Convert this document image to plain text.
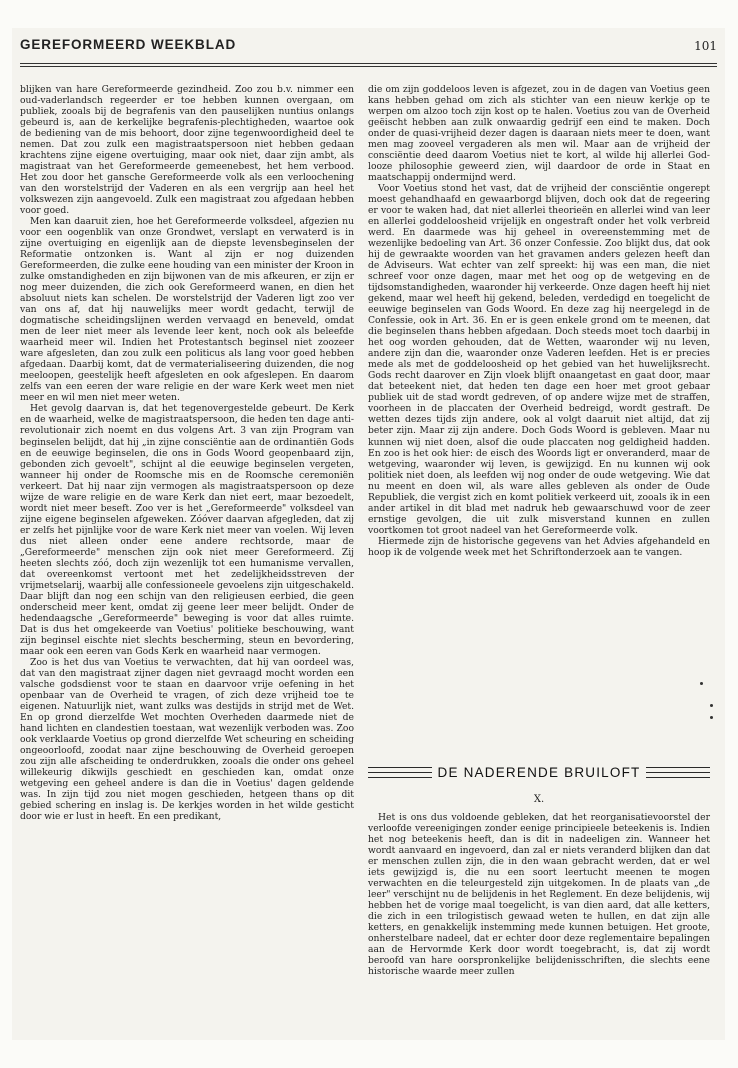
GEREFORMEERD WEEKBLAD	101

blijken van hare Gereformeerde gezindheid. Zoo zou b.v. nimmer een oud-vaderlandsch regeerder er toe hebben kunnen overgaan, om publiek, zooals bij de begrafenis van den pauselijken nuntius onlangs gebeurd is, aan de kerkelijke begrafenis-plechtigheden, waartoe ook de bediening van de mis behoort, door zijne tegenwoordigheid deel te nemen. Dat zou zulk een magistraatspersoon niet hebben gedaan krachtens zijne eigene overtuiging, maar ook niet, daar zijn ambt, als magistraat van het Gereformeerde gemeenebest, het hem verbood. Het zou door het gansche Gereformeerde volk als een verloochening van den worstelstrijd der Vaderen en als een vergrijp aan heel het volkswezen zijn aangevoeld. Zulk een magistraat zou afgedaan hebben voor goed.

Men kan daaruit zien, hoe het Gereformeerde volksdeel, afgezien nu voor een oogenblik van onze Grondwet, verslapt en verwaterd is in zijne overtuiging en eigenlijk aan de diepste levensbeginselen der Reformatie ontzonken is. Want al zijn er nog duizenden Gereformeerden, die zulke eene houding van een minister der Kroon in zulke omstandigheden en zijn bijwonen van de mis afkeuren, er zijn er nog meer duizenden, die zich ook Gereformeerd wanen, en dien het absoluut niets kan schelen. De worstelstrijd der Vaderen ligt zoo ver van ons af, dat hij nauwelijks meer wordt gedacht, terwijl de dogmatische scheidingslijnen werden vervaagd en beneveld, omdat men de leer niet meer als levende leer kent, noch ook als beleefde waarheid meer wil. Indien het Protestantsch beginsel niet zoozeer ware afgesleten, dan zou zulk een politicus als lang voor goed hebben afgedaan. Daarbij komt, dat de vermaterialiseering duizenden, die nog meeloopen, geestelijk heeft afgesleten en ook afgeslepen. En daarom zelfs van een eeren der ware religie en der ware Kerk weet men niet meer en wil men niet meer weten.

Het gevolg daarvan is, dat het tegenovergestelde gebeurt. De Kerk en de waarheid, welke de magistraatspersoon, die heden ten dage anti-revolutionair zich noemt en dus volgens Art. 3 van zijn Program van beginselen belijdt, dat hij „in zijne consciëntie aan de ordinantiën Gods en de eeuwige beginselen, die ons in Gods Woord geopenbaard zijn, gebonden zich gevoelt", schijnt al die eeuwige beginselen vergeten, wanneer hij onder de Roomsche mis en de Roomsche ceremoniën verkeert. Dat hij naar zijn vermogen als magistraatspersoon op deze wijze de ware religie en de ware Kerk dan niet eert, maar bezoedelt, wordt niet meer beseft. Zoo ver is het „Gereformeerde" volksdeel van zijne eigene beginselen afgeweken. Zóóver daarvan afgegleden, dat zij er zelfs het pijnlijke voor de ware Kerk niet meer van voelen. Wij leven dus niet alleen onder eene andere rechtsorde, maar de „Gereformeerde" menschen zijn ook niet meer Gereformeerd. Zij heeten slechts zóó, doch zijn wezenlijk tot een humanisme vervallen, dat overeenkomst vertoont met het zedelijkheidsstreven der vrijmetselarij, waarbij alle confessioneele gevoelens zijn uitgeschakeld. Daar blijft dan nog een schijn van den religieusen eerbied, die geen onderscheid meer kent, omdat zij geene leer meer belijdt. Onder de hedendaagsche „Gereformeerde" beweging is voor dat alles ruimte. Dat is dus het omgekeerde van Voetius' politieke beschouwing, want zijn beginsel eischte niet slechts bescherming, steun en bevordering, maar ook een eeren van Gods Kerk en waarheid naar vermogen.

Zoo is het dus van Voetius te verwachten, dat hij van oordeel was, dat van den magistraat zijner dagen niet gevraagd mocht worden een valsche godsdienst voor te staan en daarvoor vrije oefening in het openbaar van de Overheid te vragen, of zich deze vrijheid toe te eigenen. Natuurlijk niet, want zulks was destijds in strijd met de Wet. En op grond dierzelfde Wet mochten Overheden daarmede niet de hand lichten en clandestien toestaan, wat wezenlijk verboden was. Zoo ook verklaarde Voetius op grond dierzelfde Wet scheuring en scheiding ongeoorloofd, zoodat naar zijne beschouwing de Overheid geroepen zou zijn alle afscheiding te onderdrukken, zooals die onder ons geheel willekeurig dikwijls geschiedt en geschieden kan, omdat onze wetgeving een geheel andere is dan die in Voetius' dagen geldende was. In zijn tijd zou niet mogen geschieden, hetgeen thans op dit gebied schering en inslag is. De kerkjes worden in het wilde gesticht door wie er lust in heeft. En een predikant,

die om zijn goddeloos leven is afgezet, zou in de dagen van Voetius geen kans hebben gehad om zich als stichter van een nieuw kerkje op te werpen om alzoo toch zijn kost op te halen. Voetius zou van de Overheid geëischt hebben aan zulk onwaardig gedrijf een eind te maken. Doch onder de quasi-vrijheid dezer dagen is daaraan niets meer te doen, want men mag zooveel vergaderen als men wil. Maar aan de vrijheid der consciëntie deed daarom Voetius niet te kort, al wilde hij allerlei God-looze philosophie geweerd zien, wijl daardoor de orde in Staat en maatschappij ondermijnd werd.

Voor Voetius stond het vast, dat de vrijheid der consciëntie ongerept moest gehandhaafd en gewaarborgd blijven, doch ook dat de regeering er voor te waken had, dat niet allerlei theorieën en allerlei wind van leer en allerlei goddeloosheid vrijelijk en ongestraft onder het volk verbreid werd. En daarmede was hij geheel in overeenstemming met de wezenlijke bedoeling van Art. 36 onzer Confessie. Zoo blijkt dus, dat ook hij de gewraakte woorden van het gravamen anders gelezen heeft dan de Adviseurs. Wat echter van zelf spreekt: hij was een man, die niet schreef voor onze dagen, maar met het oog op de wetgeving en de tijdsomstandigheden, waaronder hij verkeerde. Onze dagen heeft hij niet gekend, maar wel heeft hij gekend, beleden, verdedigd en toegelicht de eeuwige beginselen van Gods Woord. En deze zag hij neergelegd in de Confessie, ook in Art. 36. En er is geen enkele grond om te meenen, dat die beginselen thans hebben afgedaan. Doch steeds moet toch daarbij in het oog worden gehouden, dat de Wetten, waaronder wij nu leven, andere zijn dan die, waaronder onze Vaderen leefden. Het is er precies mede als met de goddeloosheid op het gebied van het huwelijksrecht. Gods recht daarover en Zijn vloek blijft onaangetast en gaat door, maar dat beteekent niet, dat heden ten dage een hoer met groot gebaar publiek uit de stad wordt gedreven, of op andere wijze met de straffen, voorheen in de placcaten der Overheid bedreigd, wordt gestraft. De wetten dezes tijds zijn andere, ook al volgt daaruit niet altijd, dat zij beter zijn. Maar zij zijn andere. Doch Gods Woord is gebleven. Maar nu kunnen wij niet doen, alsof die oude placcaten nog geldigheid hadden. En zoo is het ook hier: de eisch des Woords ligt er onveranderd, maar de wetgeving, waaronder wij leven, is gewijzigd. En nu kunnen wij ook politiek niet doen, als leefden wij nog onder de oude wetgeving. Wie dat nu meent en doen wil, als ware alles gebleven als onder de Oude Republiek, die vergist zich en komt politiek verkeerd uit, zooals ik in een ander artikel in dit blad met nadruk heb gewaarschuwd voor de zeer ernstige gevolgen, die uit zulk misverstand kunnen en zullen voortkomen tot groot nadeel van het Gereformeerde volk.

Hiermede zijn de historische gegevens van het Advies afgehandeld en hoop ik de volgende week met het Schriftonderzoek aan te vangen.

DE NADERENDE BRUILOFT
X.

Het is ons dus voldoende gebleken, dat het reorganisatievoorstel der verloofde vereenigingen zonder eenige principieele beteekenis is. Indien het nog beteekenis heeft, dan is dit in nadeeligen zin. Wanneer het wordt aanvaard en ingevoerd, dan zal er niets veranderd blijken dan dat er menschen zullen zijn, die in den waan gebracht werden, dat er wel iets gewijzigd is, die nu een soort leertucht meenen te mogen verwachten en die teleurgesteld zijn uitgekomen. In de plaats van „de leer" verschijnt nu de belijdenis in het Reglement. En deze belijdenis, wij hebben het de vorige maal toegelicht, is van dien aard, dat alle ketters, die zich in een trilogistisch gewaad weten te hullen, en dat zijn alle ketters, en genakkelijk instemming mede kunnen betuigen. Het groote, onherstelbare nadeel, dat er echter door deze reglementaire bepalingen aan de Hervormde Kerk door wordt toegebracht, is, dat zij wordt beroofd van hare oorspronkelijke belijdenisschriften, die slechts eene historische waarde meer zullen
